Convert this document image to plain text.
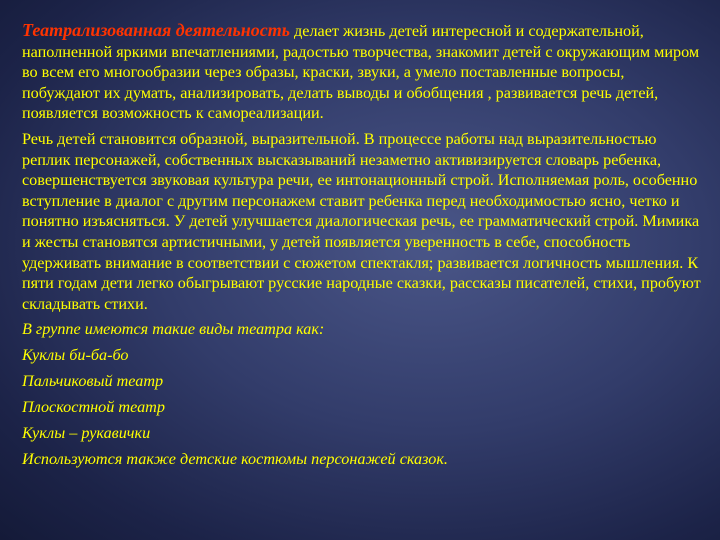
Театрализованная деятельность делает жизнь детей интересной и содержательной, наполненной яркими впечатлениями, радостью творчества, знакомит детей с окружающим миром во всем его многообразии через образы, краски, звуки, а умело поставленные вопросы, побуждают их думать, анализировать, делать выводы и обобщения , развивается речь детей, появляется возможность к самореализации.

Речь детей становится образной, выразительной. В процессе работы над выразительностью реплик персонажей, собственных высказываний незаметно активизируется словарь ребенка, совершенствуется звуковая культура речи, ее интонационный строй. Исполняемая роль, особенно вступление в диалог с другим персонажем ставит ребенка перед необходимостью ясно, четко и понятно изъясняться. У детей улучшается диалогическая речь, ее грамматический строй. Мимика и жесты становятся артистичными, у детей появляется уверенность в себе, способность удерживать внимание в соответствии с сюжетом спектакля; развивается логичность мышления. К пяти годам дети легко обыгрывают русские народные сказки, рассказы писателей, стихи, пробуют складывать стихи.

В группе имеются такие виды театра как:
Куклы би-ба-бо
Пальчиковый театр
Плоскостной театр
Куклы – рукавички
Используются также детские костюмы персонажей сказок.
